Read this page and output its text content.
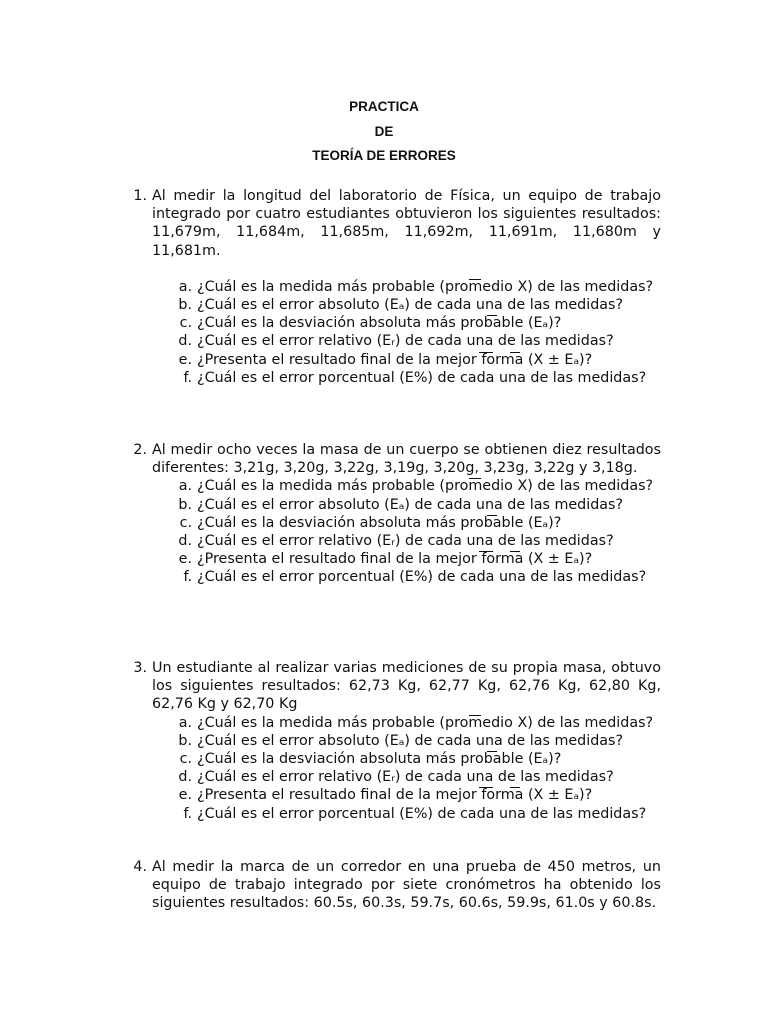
PRACTICA
DE
TEORÍA DE ERRORES
1. Al medir la longitud del laboratorio de Física, un equipo de trabajo integrado por cuatro estudiantes obtuvieron los siguientes resultados: 11,679m, 11,684m, 11,685m, 11,692m, 11,691m, 11,680m y 11,681m.
a. ¿Cuál es la medida más probable (promedio X) de las medidas?
b. ¿Cuál es el error absoluto (Eₐ) de cada una de las medidas?
c. ¿Cuál es la desviación absoluta más probable (Eₐ)?
d. ¿Cuál es el error relativo (Eᵣ) de cada una de las medidas?
e. ¿Presenta el resultado final de la mejor forma (X ± Eₐ)?
f. ¿Cuál es el error porcentual (E%) de cada una de las medidas?
2. Al medir ocho veces la masa de un cuerpo se obtienen diez resultados diferentes: 3,21g, 3,20g, 3,22g, 3,19g, 3,20g, 3,23g, 3,22g y 3,18g.
a. ¿Cuál es la medida más probable (promedio X) de las medidas?
b. ¿Cuál es el error absoluto (Eₐ) de cada una de las medidas?
c. ¿Cuál es la desviación absoluta más probable (Eₐ)?
d. ¿Cuál es el error relativo (Eᵣ) de cada una de las medidas?
e. ¿Presenta el resultado final de la mejor forma (X ± Eₐ)?
f. ¿Cuál es el error porcentual (E%) de cada una de las medidas?
3. Un estudiante al realizar varias mediciones de su propia masa, obtuvo los siguientes resultados: 62,73 Kg, 62,77 Kg, 62,76 Kg, 62,80 Kg, 62,76 Kg y 62,70 Kg
a. ¿Cuál es la medida más probable (promedio X) de las medidas?
b. ¿Cuál es el error absoluto (Eₐ) de cada una de las medidas?
c. ¿Cuál es la desviación absoluta más probable (Eₐ)?
d. ¿Cuál es el error relativo (Eᵣ) de cada una de las medidas?
e. ¿Presenta el resultado final de la mejor forma (X ± Eₐ)?
f. ¿Cuál es el error porcentual (E%) de cada una de las medidas?
4. Al medir la marca de un corredor en una prueba de 450 metros, un equipo de trabajo integrado por siete cronómetros ha obtenido los siguientes resultados: 60.5s, 60.3s, 59.7s, 60.6s, 59.9s, 61.0s y 60.8s.
